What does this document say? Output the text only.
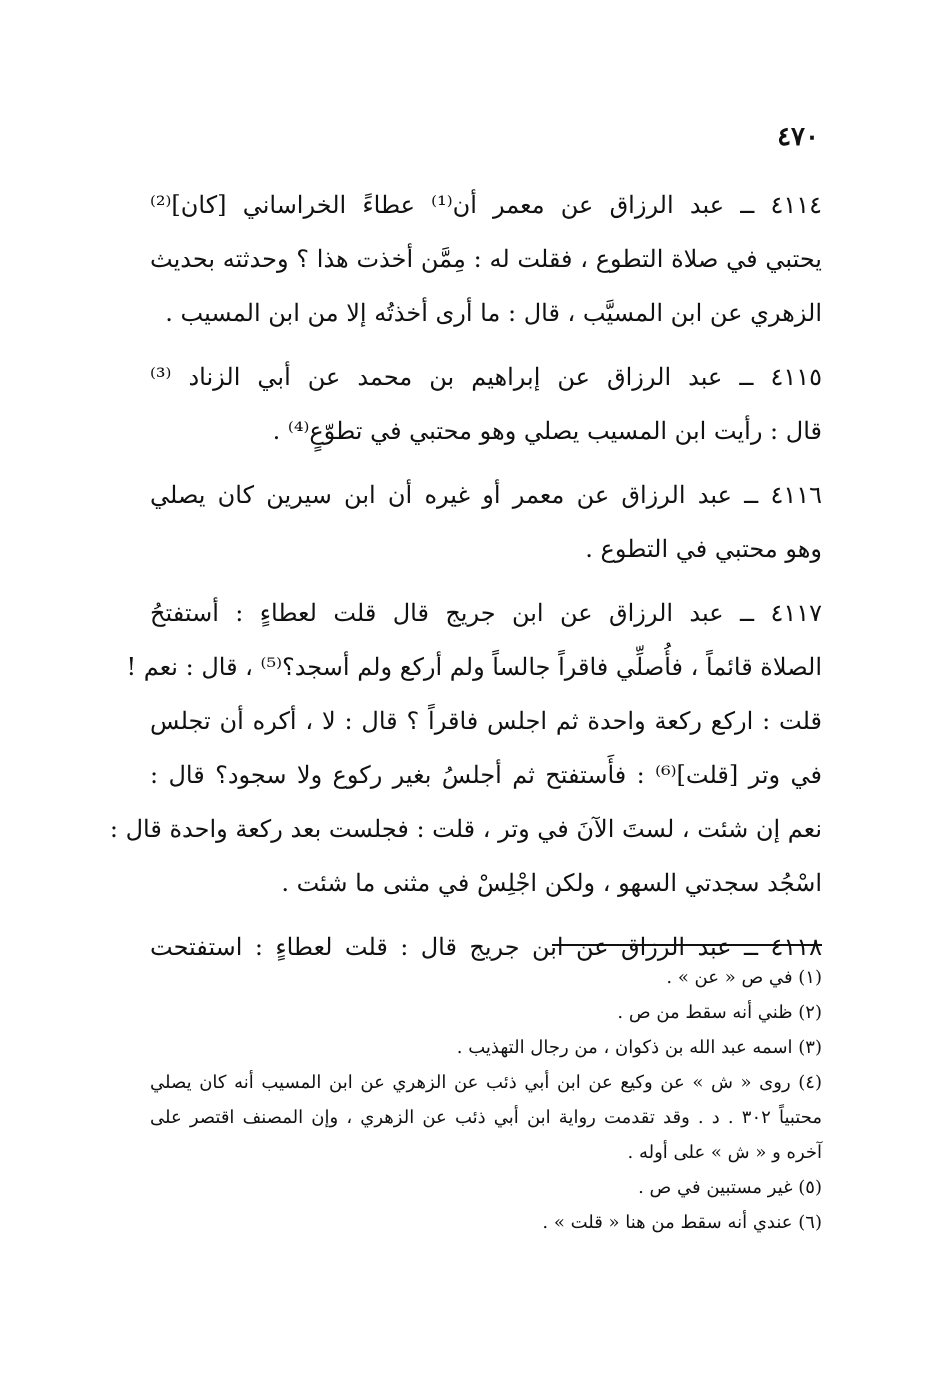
٤٧٠
٤١١٤ ــ عبد الرزاق عن معمر أن⁽¹⁾ عطاءً الخراساني [كان]⁽²⁾
يحتبي في صلاة التطوع ، فقلت له : مِمَّن أخذت هذا ؟ وحدثته بحديث
الزهري عن ابن المسيَّب ، قال : ما أرى أخذتُه إلا من ابن المسيب .
٤١١٥ ــ عبد الرزاق عن إبراهيم بن محمد عن أبي الزناد ⁽³⁾
قال : رأيت ابن المسيب يصلي وهو محتبي في تطوّعٍ⁽⁴⁾ .
٤١١٦ ــ عبد الرزاق عن معمر أو غيره أن ابن سيرين كان يصلي
وهو محتبي في التطوع .
٤١١٧ ــ عبد الرزاق عن ابن جريج قال قلت لعطاءٍ : أستفتحُ
الصلاة قائماً ، فأُصلِّي فاقراً جالساً ولم أركع ولم أسجد؟⁽⁵⁾ ، قال : نعم !
قلت : اركع ركعة واحدة ثم اجلس فاقراً ؟ قال : لا ، أكره أن تجلس
في وتر [قلت]⁽⁶⁾ : فأَستفتح ثم أجلسُ بغير ركوع ولا سجود؟ قال :
نعم إن شئت ، لستَ الآنَ في وتر ، قلت : فجلست بعد ركعة واحدة قال :
اسْجُد سجدتي السهو ، ولكن اجْلِسْ في مثنى ما شئت .
٤١١٨ ــ عبد الرزاق عن ابن جريج قال : قلت لعطاءٍ : استفتحت
(١) في ص « عن » .
(٢) ظني أنه سقط من ص .
(٣) اسمه عبد الله بن ذكوان ، من رجال التهذيب .
(٤) روى « ش » عن وكيع عن ابن أبي ذئب عن الزهري عن ابن المسيب أنه كان يصلي
محتبياً ٣٠٢ . د . وقد تقدمت رواية ابن أبي ذئب عن الزهري ، وإن المصنف اقتصر على
آخره و « ش » على أوله .
(٥) غير مستبين في ص .
(٦) عندي أنه سقط من هنا « قلت » .
